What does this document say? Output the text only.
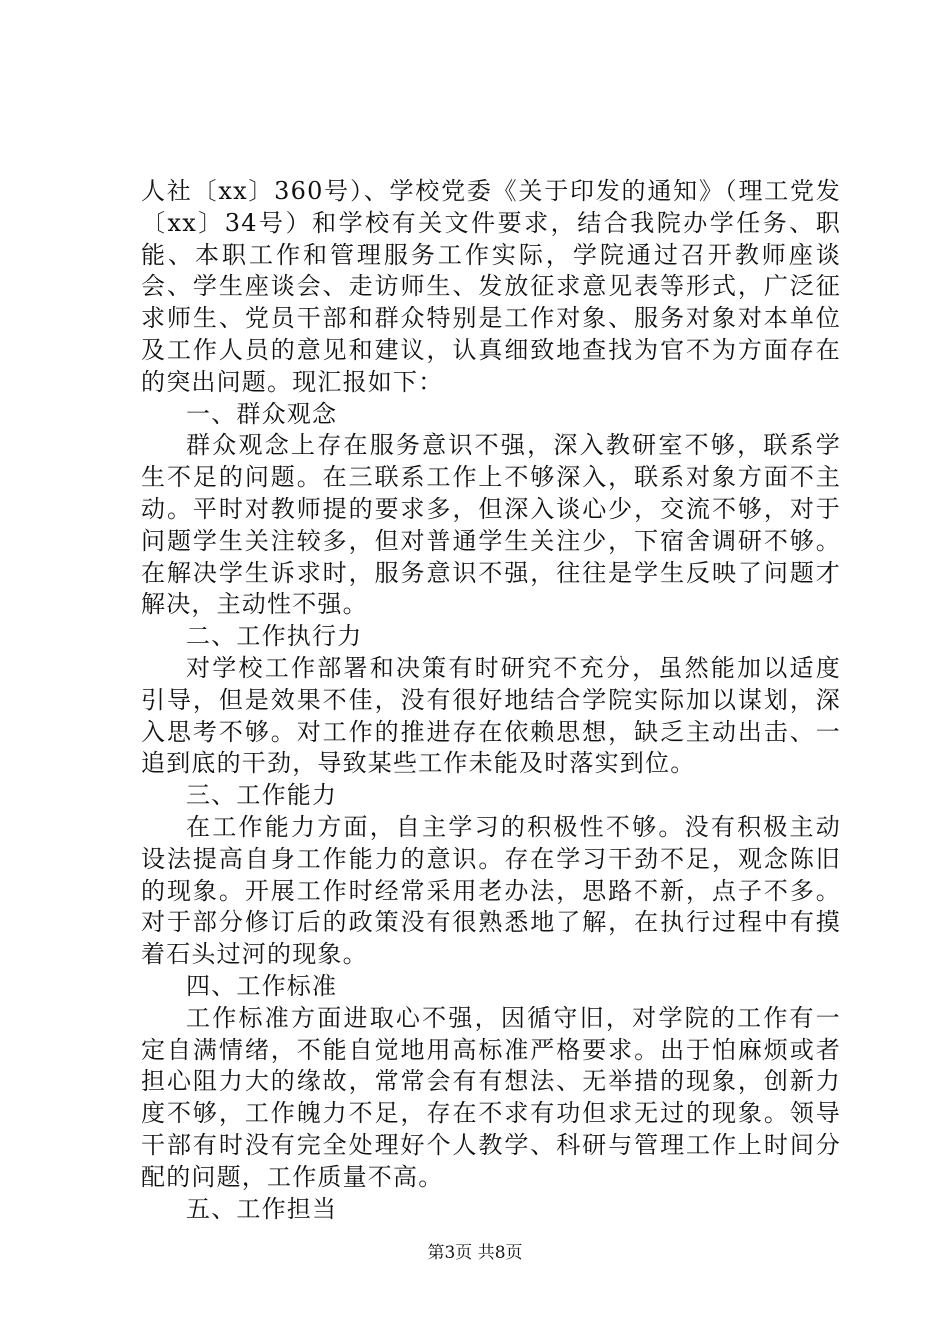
人社〔xx〕360号）、学校党委《关于印发的通知》（理工党发〔xx〕34号）和学校有关文件要求，结合我院办学任务、职能、本职工作和管理服务工作实际，学院通过召开教师座谈会、学生座谈会、走访师生、发放征求意见表等形式，广泛征求师生、党员干部和群众特别是工作对象、服务对象对本单位及工作人员的意见和建议，认真细致地查找为官不为方面存在的突出问题。现汇报如下：

一、群众观念

群众观念上存在服务意识不强，深入教研室不够，联系学生不足的问题。在三联系工作上不够深入，联系对象方面不主动。平时对教师提的要求多，但深入谈心少，交流不够，对于问题学生关注较多，但对普通学生关注少，下宿舍调研不够。在解决学生诉求时，服务意识不强，往往是学生反映了问题才解决，主动性不强。

二、工作执行力

对学校工作部署和决策有时研究不充分，虽然能加以适度引导，但是效果不佳，没有很好地结合学院实际加以谋划，深入思考不够。对工作的推进存在依赖思想，缺乏主动出击、一追到底的干劲，导致某些工作未能及时落实到位。

三、工作能力

在工作能力方面，自主学习的积极性不够。没有积极主动设法提高自身工作能力的意识。存在学习干劲不足，观念陈旧的现象。开展工作时经常采用老办法，思路不新，点子不多。对于部分修订后的政策没有很熟悉地了解，在执行过程中有摸着石头过河的现象。

四、工作标准

工作标准方面进取心不强，因循守旧，对学院的工作有一定自满情绪，不能自觉地用高标准严格要求。出于怕麻烦或者担心阻力大的缘故，常常会有有想法、无举措的现象，创新力度不够，工作魄力不足，存在不求有功但求无过的现象。领导干部有时没有完全处理好个人教学、科研与管理工作上时间分配的问题，工作质量不高。

五、工作担当

第3页 共8页
